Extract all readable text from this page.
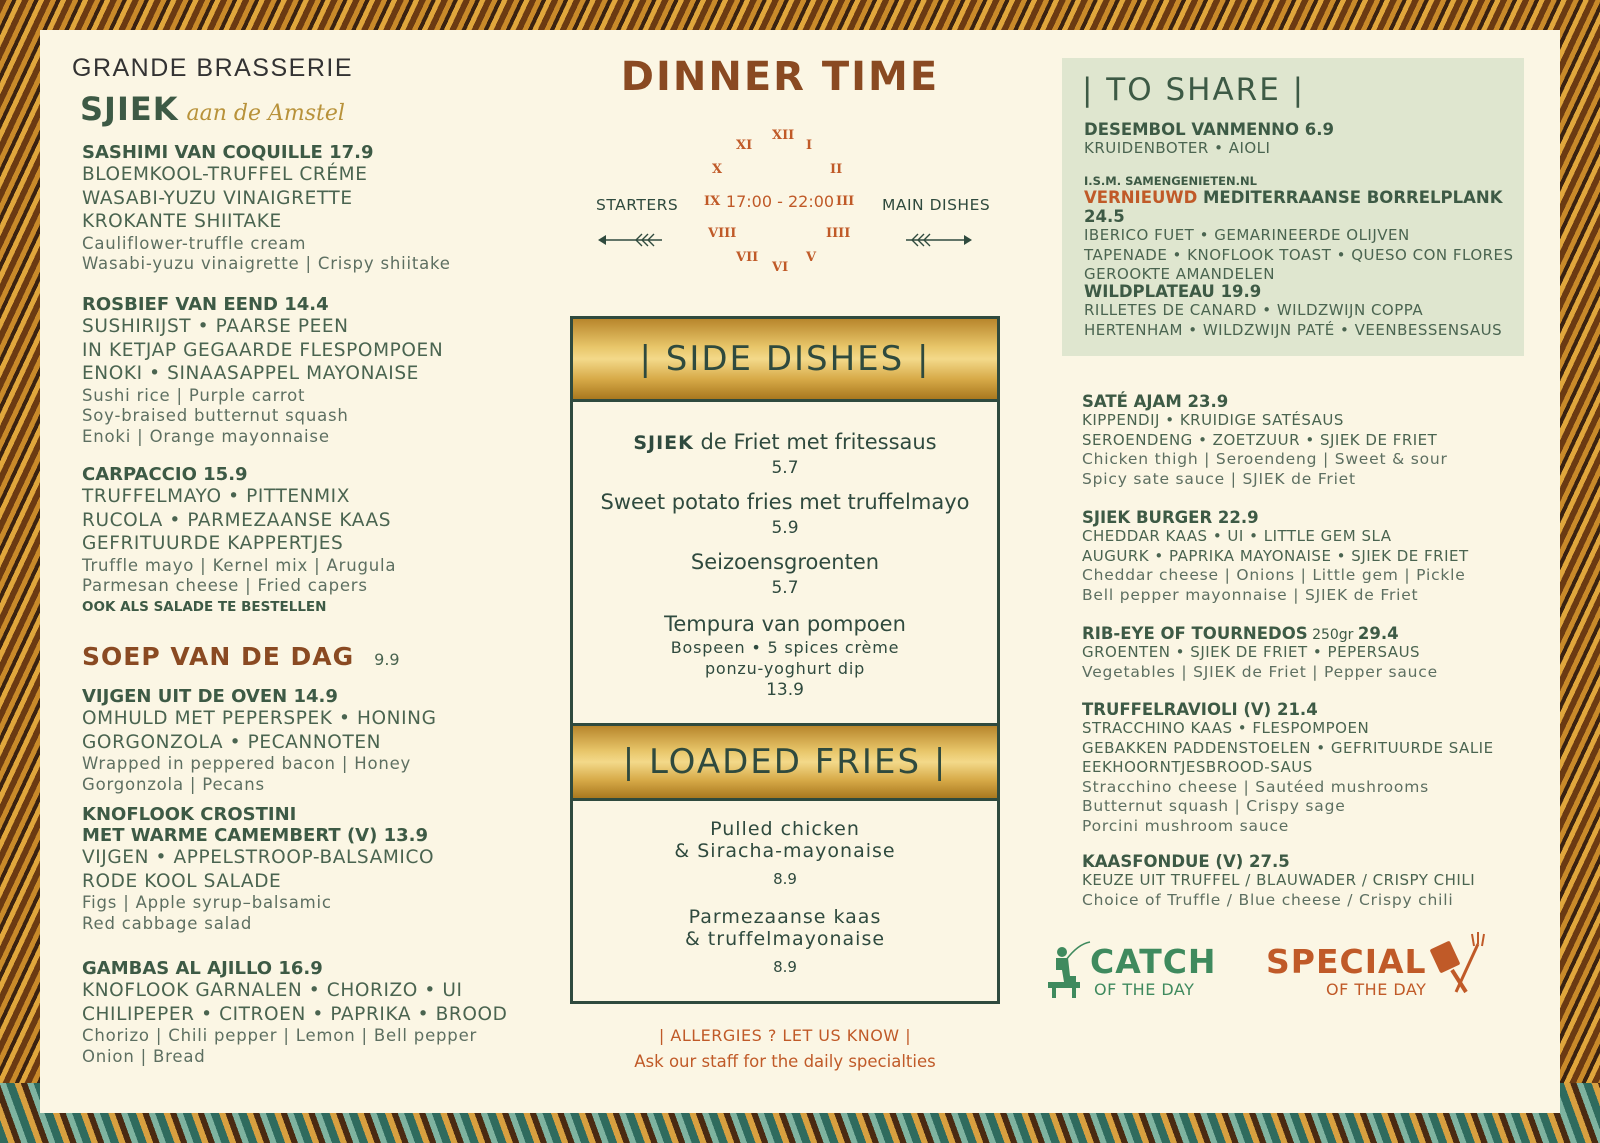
GRANDE BRASSERIE
SJIEK aan de Amstel
SASHIMI VAN COQUILLE 17.9
BLOEMKOOL-TRUFFEL CRÉME
WASABI-YUZU VINAIGRETTE
KROKANTE SHIITAKE
Cauliflower-truffle cream
Wasabi-yuzu vinaigrette | Crispy shiitake
ROSBIEF VAN EEND 14.4
SUSHIRIJST • PAARSE PEEN
IN KETJAP GEGAARDE FLESPOMPOEN
ENOKI • SINAASAPPEL MAYONAISE
Sushi rice | Purple carrot
Soy-braised butternut squash
Enoki | Orange mayonnaise
CARPACCIO 15.9
TRUFFELMAYO • PITTENMIX
RUCOLA • PARMEZAANSE KAAS
GEFRITUURDE KAPPERTJES
Truffle mayo | Kernel mix | Arugula
Parmesan cheese | Fried capers
OOK ALS SALADE TE BESTELLEN
SOEP VAN DE DAG 9.9
VIJGEN UIT DE OVEN 14.9
OMHULD MET PEPERSPEK • HONING
GORGONZOLA • PECANNOTEN
Wrapped in peppered bacon | Honey
Gorgonzola | Pecans
KNOFLOOK CROSTINI
MET WARME CAMEMBERT (V) 13.9
VIJGEN • APPELSTROOP-BALSAMICO
RODE KOOL SALADE
Figs | Apple syrup–balsamic
Red cabbage salad
GAMBAS AL AJILLO 16.9
KNOFLOOK GARNALEN • CHORIZO • UI
CHILIPEPER • CITROEN • PAPRIKA • BROOD
Chorizo | Chili pepper | Lemon | Bell pepper
Onion | Bread
DINNER TIME
XII
I
II
III
IIII
V
VI
VII
VIII
IX
X
XI
17:00 - 22:00
STARTERS	MAIN DISHES
| SIDE DISHES |
SJIEK de Friet met fritessaus
5.7
Sweet potato fries met truffelmayo
5.9
Seizoensgroenten
5.7
Tempura van pompoen
Bospeen • 5 spices crème
ponzu-yoghurt dip
13.9
| LOADED FRIES |
Pulled chicken
& Siracha-mayonaise
8.9
Parmezaanse kaas
& truffelmayonaise
8.9
| ALLERGIES ? LET US KNOW |
Ask our staff for the daily specialties
| TO SHARE |
DESEMBOL VANMENNO 6.9
KRUIDENBOTER • AIOLI
I.S.M. SAMENGENIETEN.NL
VERNIEUWD MEDITERRAANSE BORRELPLANK 24.5
IBERICO FUET • GEMARINEERDE OLIJVEN
TAPENADE • KNOFLOOK TOAST • QUESO CON FLORES
GEROOKTE AMANDELEN
WILDPLATEAU 19.9
RILLETES DE CANARD • WILDZWIJN COPPA
HERTENHAM • WILDZWIJN PATÉ • VEENBESSENSAUS
SATÉ AJAM 23.9
KIPPENDIJ • KRUIDIGE SATÉSAUS
SEROENDENG • ZOETZUUR • SJIEK DE FRIET
Chicken thigh | Seroendeng | Sweet & sour
Spicy sate sauce | SJIEK de Friet
SJIEK BURGER 22.9
CHEDDAR KAAS • UI • LITTLE GEM SLA
AUGURK • PAPRIKA MAYONAISE • SJIEK DE FRIET
Cheddar cheese | Onions | Little gem | Pickle
Bell pepper mayonnaise | SJIEK de Friet
RIB-EYE OF TOURNEDOS 250gr 29.4
GROENTEN • SJIEK DE FRIET • PEPERSAUS
Vegetables | SJIEK de Friet | Pepper sauce
TRUFFELRAVIOLI (V) 21.4
STRACCHINO KAAS • FLESPOMPOEN
GEBAKKEN PADDENSTOELEN • GEFRITUURDE SALIE
EEKHOORNTJESBROOD-SAUS
Stracchino cheese | Sautéed mushrooms
Butternut squash | Crispy sage
Porcini mushroom sauce
KAASFONDUE (V) 27.5
KEUZE UIT TRUFFEL / BLAUWADER / CRISPY CHILI
Choice of Truffle / Blue cheese / Crispy chili
CATCH
OF THE DAY
SPECIAL
OF THE DAY
